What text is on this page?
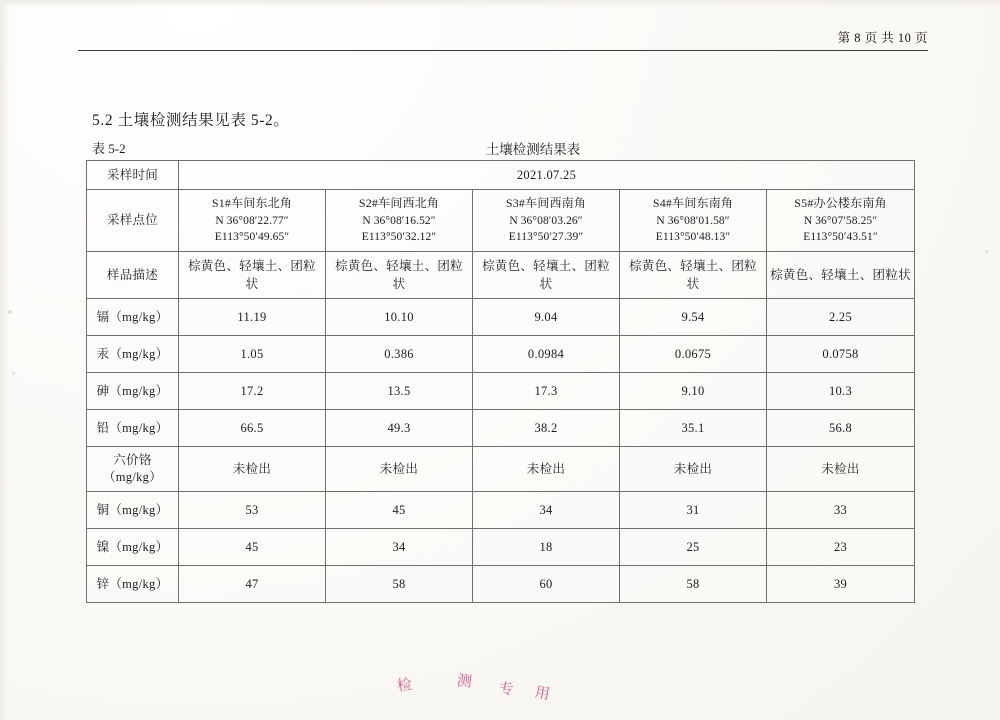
第 8 页 共 10 页
5.2 土壤检测结果见表 5-2。
表 5-2	土壤检测结果表
采样时间	2021.07.25				
采样点位	S1#车间东北角
N 36°08′22.77″
E113°50′49.65″	S2#车间西北角
N 36°08′16.52″
E113°50′32.12″	S3#车间西南角
N 36°08′03.26″
E113°50′27.39″	S4#车间东南角
N 36°08′01.58″
E113°50′48.13″	S5#办公楼东南角
N 36°07′58.25″
E113°50′43.51″

样品描述	棕黄色、轻壤土、团粒状	棕黄色、轻壤土、团粒状	棕黄色、轻壤土、团粒状	棕黄色、轻壤土、团粒状	棕黄色、轻壤土、团粒状
镉（mg/kg）	11.19	10.10	9.04	9.54	2.25
汞（mg/kg）	1.05	0.386	0.0984	0.0675	0.0758
砷（mg/kg）	17.2	13.5	17.3	9.10	10.3
铅（mg/kg）	66.5	49.3	38.2	35.1	56.8

六价铬
（mg/kg）	未检出	未检出	未检出	未检出	未检出
铜（mg/kg）	53	45	34	31	33
镍（mg/kg）	45	34	18	25	23
锌（mg/kg）	47	58	60	58	39
检	测 专 用
